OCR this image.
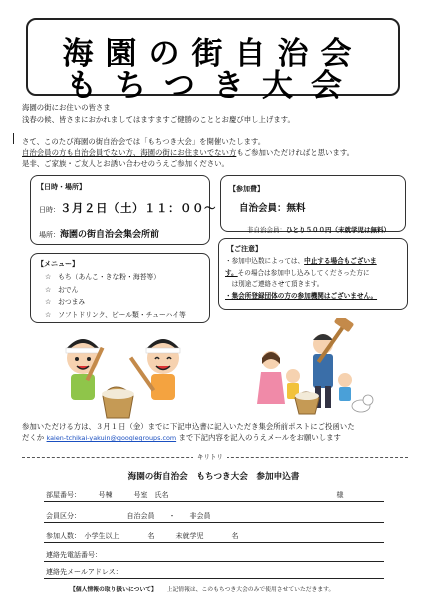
海園の街自治会
もちつき大会
海園の街にお住いの皆さま
浅春の候、皆さまにおかれましてはますますご健勝のこととお慶び申し上げます。
さて、このたび海園の街自治会では「もちつき大会」を開催いたします。
自治会員の方も自治会員でない方、海園の街にお住まいでない方もご参加いただければと思います。
是非、ご家族・ご友人とお誘い合わせのうえご参加ください。
【日時・場所】
日時：３月２日（土）１１：００～
場所：海園の街自治会集会所前
【参加費】
自治会員：無料
非自治会員：ひとり５００円（未就学児は無料）
【メニュー】
☆　 もち（あんこ・きな粉・海苔等）
☆　 おでん
☆　 おつまみ
☆　 ソフトドリンク、ビール類・チューハイ等
【ご注意】
・参加申込数によっては、中止する場合もございま
す。その場合は参加申し込みしてくださった方に
　は別途ご連絡させて頂きます。
・集会所登録団体の方の参加機関はございません。
参加いただける方は、３月１日（金）までに下記申込書に記入いただき集会所前ポストにご投函いた
だくか kaien-tchikai-yakuin@googlegroups.com まで下記内容を記入のうえメールをお願いします
キリトリ
海園の街自治会　もちつき大会　参加申込書
部屋番号：　　　号棟　　　号室　氏名　　　　　　　　　　　　　　　　　　　　　　　　様
会員区分：　　　　　　　自治会員　　・　　非会員
参加人数：　小学生以上　　　　名　　　未就学児　　　　名
連絡先電話番号：
連絡先メールアドレス：
【個人情報の取り扱いについて】 上記情報は、このもちつき大会のみで使用させていただきます。
